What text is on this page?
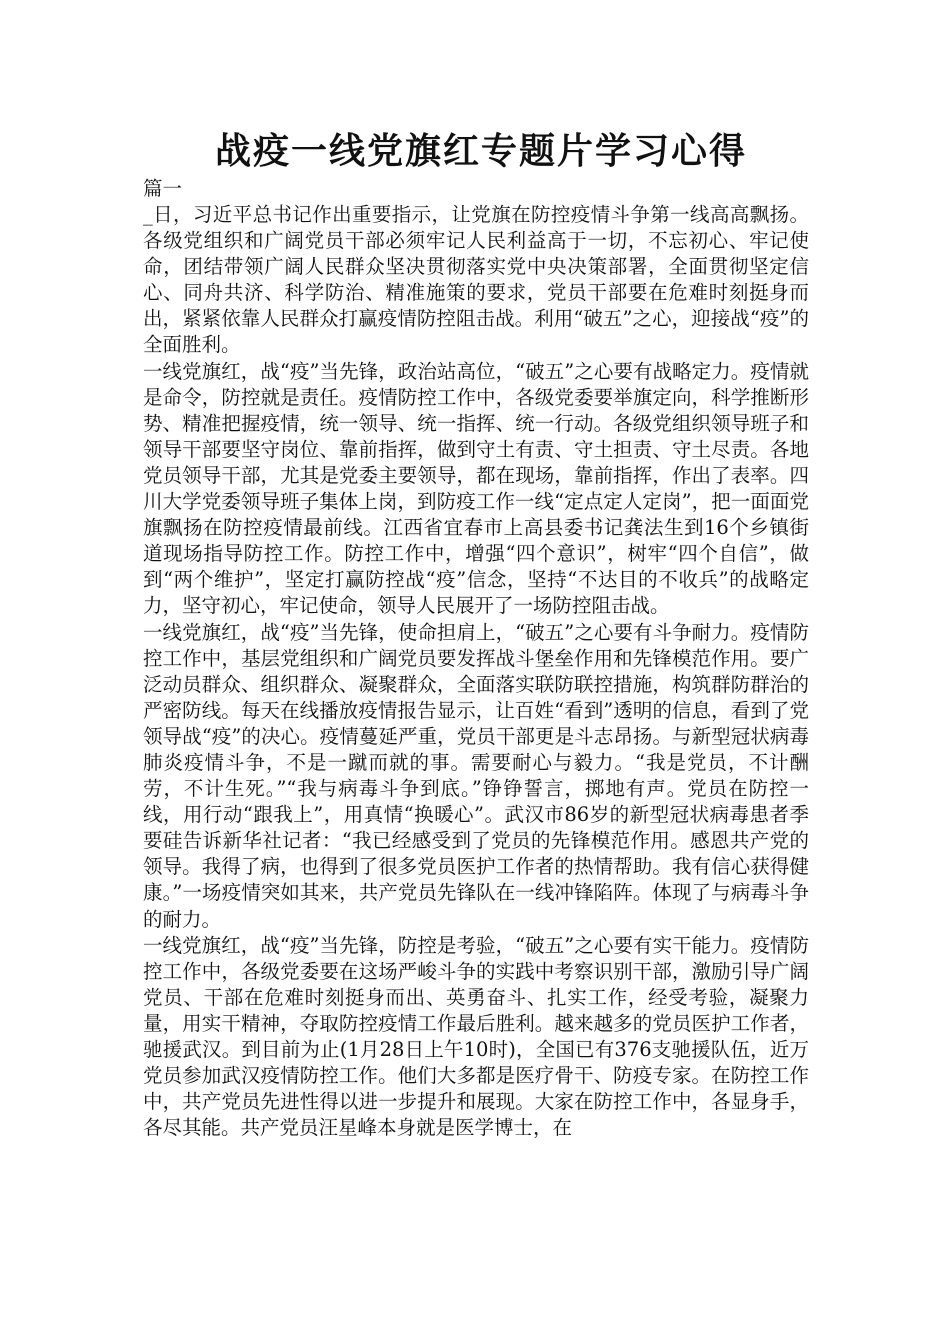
战疫一线党旗红专题片学习心得
篇一

_日，习近平总书记作出重要指示，让党旗在防控疫情斗争第一线高高飘扬。各级党组织和广阔党员干部必须牢记人民利益高于一切，不忘初心、牢记使命，团结带领广阔人民群众坚决贯彻落实党中央决策部署，全面贯彻坚定信心、同舟共济、科学防治、精准施策的要求，党员干部要在危难时刻挺身而出，紧紧依靠人民群众打赢疫情防控阻击战。利用“破五”之心，迎接战“疫”的全面胜利。

一线党旗红，战“疫”当先锋，政治站高位，“破五”之心要有战略定力。疫情就是命令，防控就是责任。疫情防控工作中，各级党委要举旗定向，科学推断形势、精准把握疫情，统一领导、统一指挥、统一行动。各级党组织领导班子和领导干部要坚守岗位、靠前指挥，做到守土有责、守土担责、守土尽责。各地党员领导干部，尤其是党委主要领导，都在现场，靠前指挥，作出了表率。四川大学党委领导班子集体上岗，到防疫工作一线“定点定人定岗”，把一面面党旗飘扬在防控疫情最前线。江西省宜春市上高县委书记龚法生到16个乡镇街道现场指导防控工作。防控工作中，增强“四个意识”，树牢“四个自信”，做到“两个维护”，坚定打赢防控战“疫”信念，坚持“不达目的不收兵”的战略定力，坚守初心，牢记使命，领导人民展开了一场防控阻击战。

一线党旗红，战“疫”当先锋，使命担肩上，“破五”之心要有斗争耐力。疫情防控工作中，基层党组织和广阔党员要发挥战斗堡垒作用和先锋模范作用。要广泛动员群众、组织群众、凝聚群众，全面落实联防联控措施，构筑群防群治的严密防线。每天在线播放疫情报告显示，让百姓“看到”透明的信息，看到了党领导战“疫”的决心。疫情蔓延严重，党员干部更是斗志昂扬。与新型冠状病毒肺炎疫情斗争，不是一蹴而就的事。需要耐心与毅力。“我是党员，不计酬劳，不计生死。”“我与病毒斗争到底。”铮铮誓言，掷地有声。党员在防控一线，用行动“跟我上”，用真情“换暖心”。武汉市86岁的新型冠状病毒患者季要硅告诉新华社记者：“我已经感受到了党员的先锋模范作用。感恩共产党的领导。我得了病，也得到了很多党员医护工作者的热情帮助。我有信心获得健康。”一场疫情突如其来，共产党员先锋队在一线冲锋陷阵。体现了与病毒斗争的耐力。

一线党旗红，战“疫”当先锋，防控是考验，“破五”之心要有实干能力。疫情防控工作中，各级党委要在这场严峻斗争的实践中考察识别干部，激励引导广阔党员、干部在危难时刻挺身而出、英勇奋斗、扎实工作，经受考验，凝聚力量，用实干精神，夺取防控疫情工作最后胜利。越来越多的党员医护工作者，驰援武汉。到目前为止(1月28日上午10时)，全国已有376支驰援队伍，近万党员参加武汉疫情防控工作。他们大多都是医疗骨干、防疫专家。在防控工作中，共产党员先进性得以进一步提升和展现。大家在防控工作中，各显身手，各尽其能。共产党员汪星峰本身就是医学博士，在
